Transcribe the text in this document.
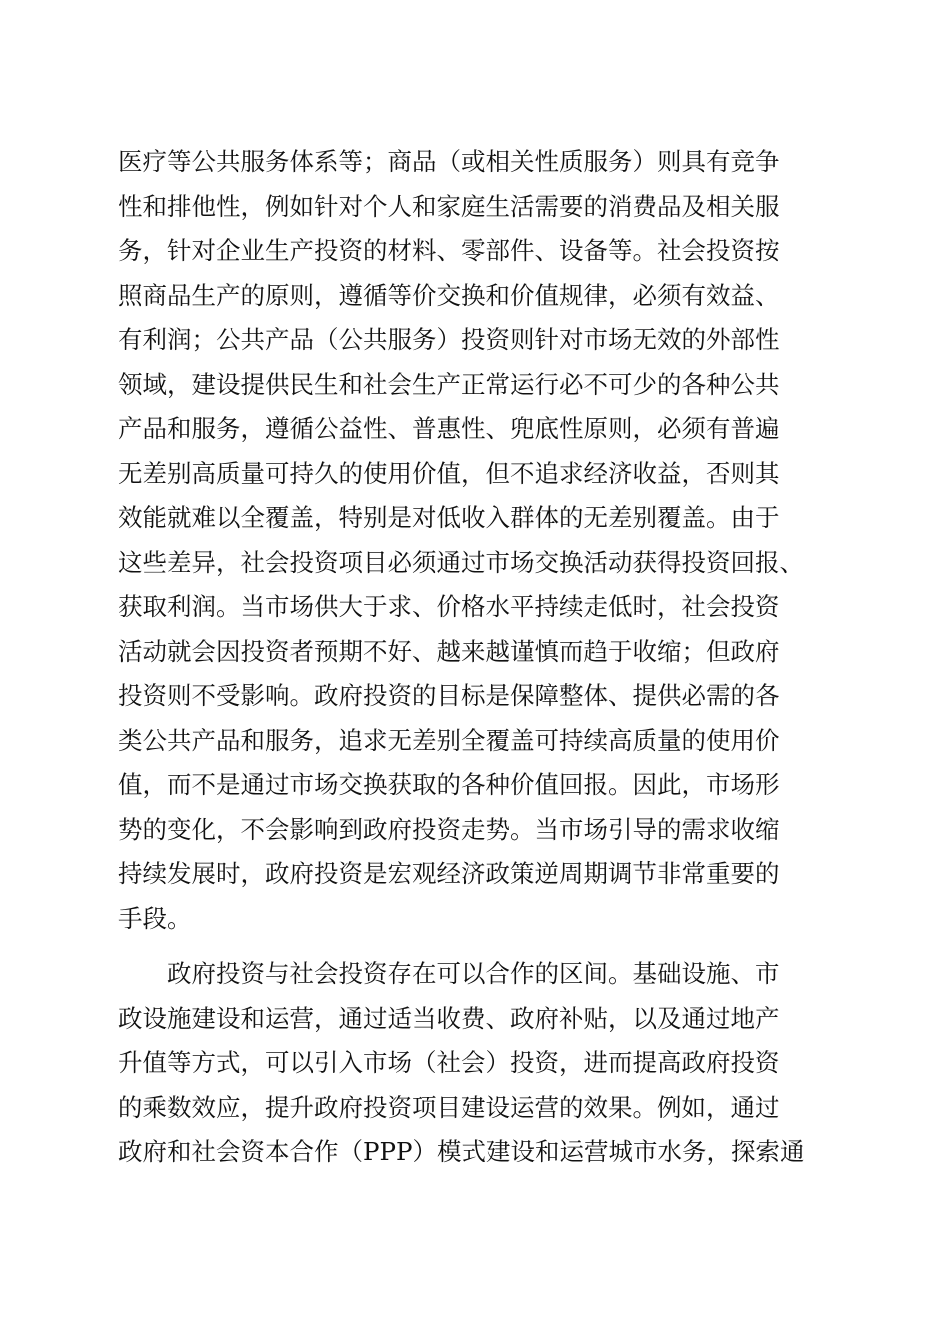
医疗等公共服务体系等；商品（或相关性质服务）则具有竞争
性和排他性，例如针对个人和家庭生活需要的消费品及相关服
务，针对企业生产投资的材料、零部件、设备等。社会投资按
照商品生产的原则，遵循等价交换和价值规律，必须有效益、
有利润；公共产品（公共服务）投资则针对市场无效的外部性
领域，建设提供民生和社会生产正常运行必不可少的各种公共
产品和服务，遵循公益性、普惠性、兜底性原则，必须有普遍
无差别高质量可持久的使用价值，但不追求经济收益，否则其
效能就难以全覆盖，特别是对低收入群体的无差别覆盖。由于
这些差异，社会投资项目必须通过市场交换活动获得投资回报、
获取利润。当市场供大于求、价格水平持续走低时，社会投资
活动就会因投资者预期不好、越来越谨慎而趋于收缩；但政府
投资则不受影响。政府投资的目标是保障整体、提供必需的各
类公共产品和服务，追求无差别全覆盖可持续高质量的使用价
值，而不是通过市场交换获取的各种价值回报。因此，市场形
势的变化，不会影响到政府投资走势。当市场引导的需求收缩
持续发展时，政府投资是宏观经济政策逆周期调节非常重要的
手段。
　　政府投资与社会投资存在可以合作的区间。基础设施、市
政设施建设和运营，通过适当收费、政府补贴，以及通过地产
升值等方式，可以引入市场（社会）投资，进而提高政府投资
的乘数效应，提升政府投资项目建设运营的效果。例如，通过
政府和社会资本合作（PPP）模式建设和运营城市水务，探索通
